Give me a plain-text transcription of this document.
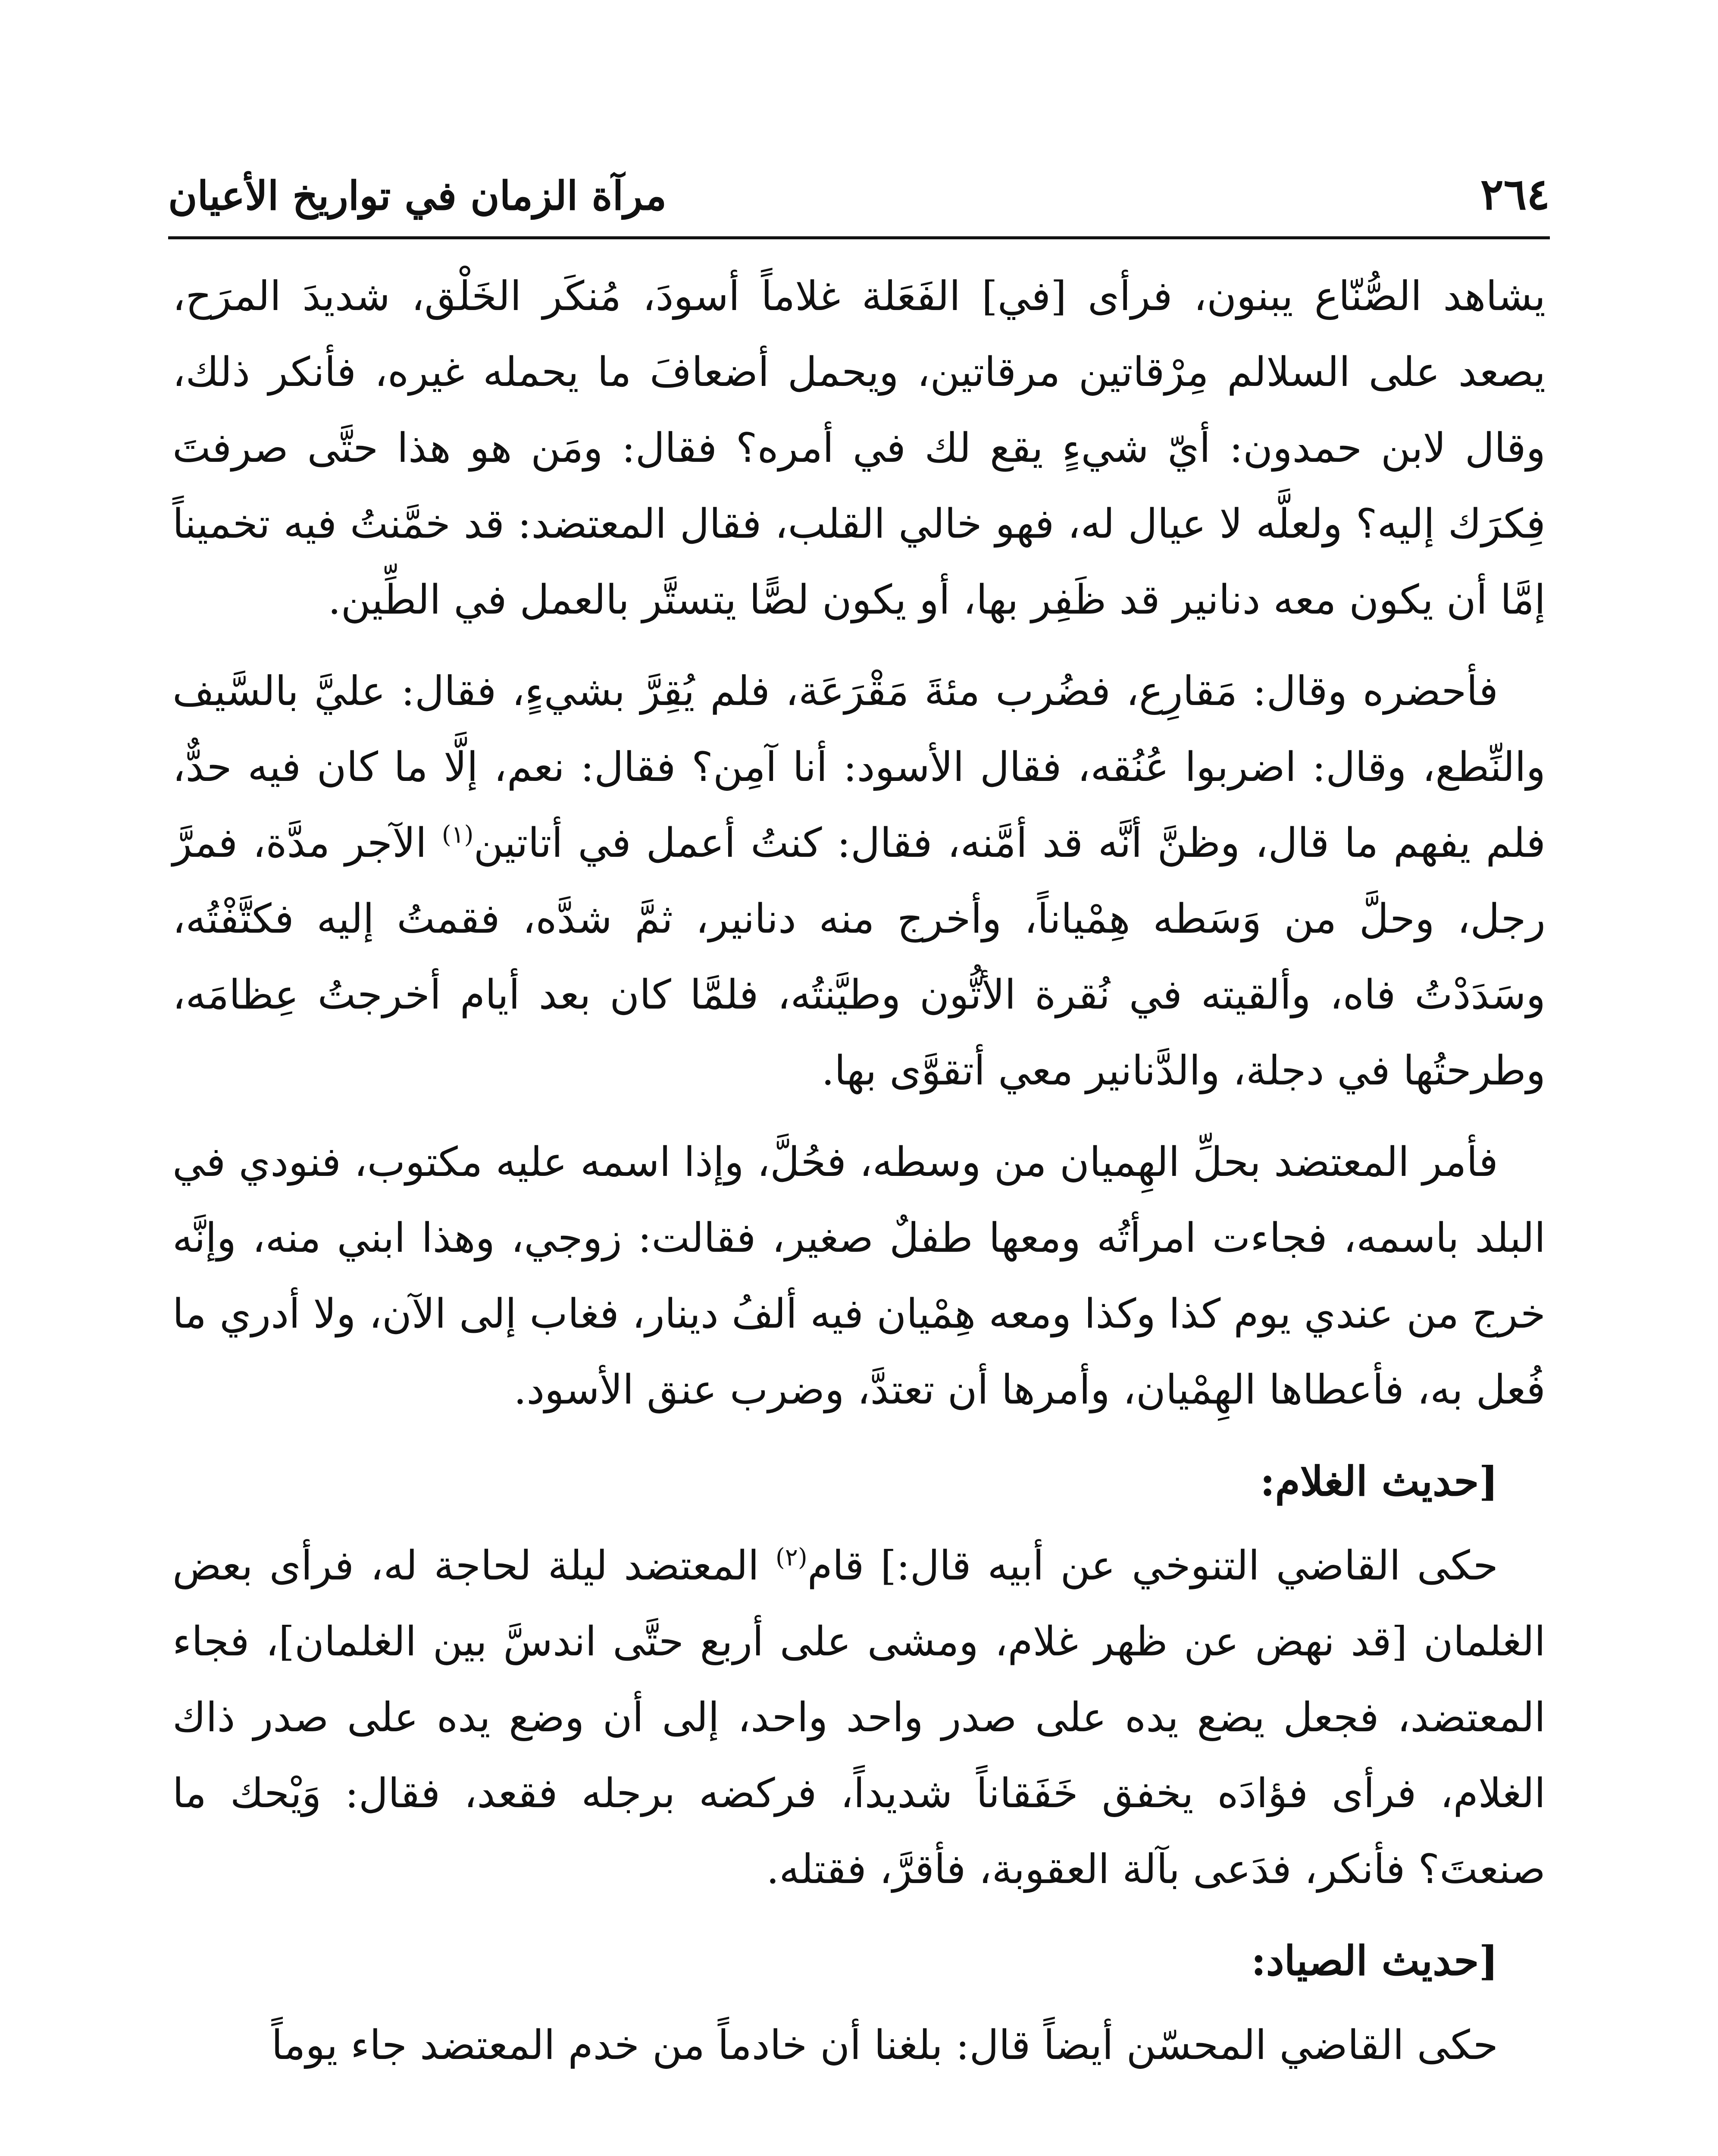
٢٦٤
مرآة الزمان في تواريخ الأعيان

يشاهد الصُّنّاع يبنون، فرأى [في] الفَعَلة غلاماً أسودَ، مُنكَر الخَلْق، شديدَ المرَح، يصعد على السلالم مِرْقاتين مرقاتين، ويحمل أضعافَ ما يحمله غيره، فأنكر ذلك، وقال لابن حمدون: أيّ شيءٍ يقع لك في أمره؟ فقال: ومَن هو هذا حتَّى صرفتَ فِكرَك إليه؟ ولعلَّه لا عيال له، فهو خالي القلب، فقال المعتضد: قد خمَّنتُ فيه تخميناً إمَّا أن يكون معه دنانير قد ظَفِر بها، أو يكون لصًّا يتستَّر بالعمل في الطِّين.

فأحضره وقال: مَقارِع، فضُرب مئةَ مَقْرَعَة، فلم يُقِرَّ بشيءٍ، فقال: عليَّ بالسَّيف والنِّطع، وقال: اضربوا عُنُقه، فقال الأسود: أنا آمِن؟ فقال: نعم، إلَّا ما كان فيه حدٌّ، فلم يفهم ما قال، وظنَّ أنَّه قد أمَّنه، فقال: كنتُ أعمل في أتاتين$^{(١)}$ الآجر مدَّة، فمرَّ رجل، وحلَّ من وَسَطه هِمْياناً، وأخرج منه دنانير، ثمَّ شدَّه، فقمتُ إليه فكتَّفْتُه، وسَدَدْتُ فاه، وألقيته في نُقرة الأتُّون وطيَّنتُه، فلمَّا كان بعد أيام أخرجتُ عِظامَه، وطرحتُها في دجلة، والدَّنانير معي أتقوَّى بها.

فأمر المعتضد بحلِّ الهِميان من وسطه، فحُلَّ، وإذا اسمه عليه مكتوب، فنودي في البلد باسمه، فجاءت امرأتُه ومعها طفلٌ صغير، فقالت: زوجي، وهذا ابني منه، وإنَّه خرج من عندي يوم كذا وكذا ومعه هِمْيان فيه ألفُ دينار، فغاب إلى الآن، ولا أدري ما فُعل به، فأعطاها الهِمْيان، وأمرها أن تعتدَّ، وضرب عنق الأسود.

[حديث الغلام:

حكى القاضي التنوخي عن أبيه قال:] قام$^{(٢)}$ المعتضد ليلة لحاجة له، فرأى بعض الغلمان [قد نهض عن ظهر غلام، ومشى على أربع حتَّى اندسَّ بين الغلمان]، فجاء المعتضد، فجعل يضع يده على صدر واحد واحد، إلى أن وضع يده على صدر ذاك الغلام، فرأى فؤادَه يخفق خَفَقاناً شديداً، فركضه برجله فقعد، فقال: وَيْحك ما صنعتَ؟ فأنكر، فدَعى بآلة العقوبة، فأقرَّ، فقتله.

[حديث الصياد:

حكى القاضي المحسّن أيضاً قال: بلغنا أن خادماً من خدم المعتضد جاء يوماً
